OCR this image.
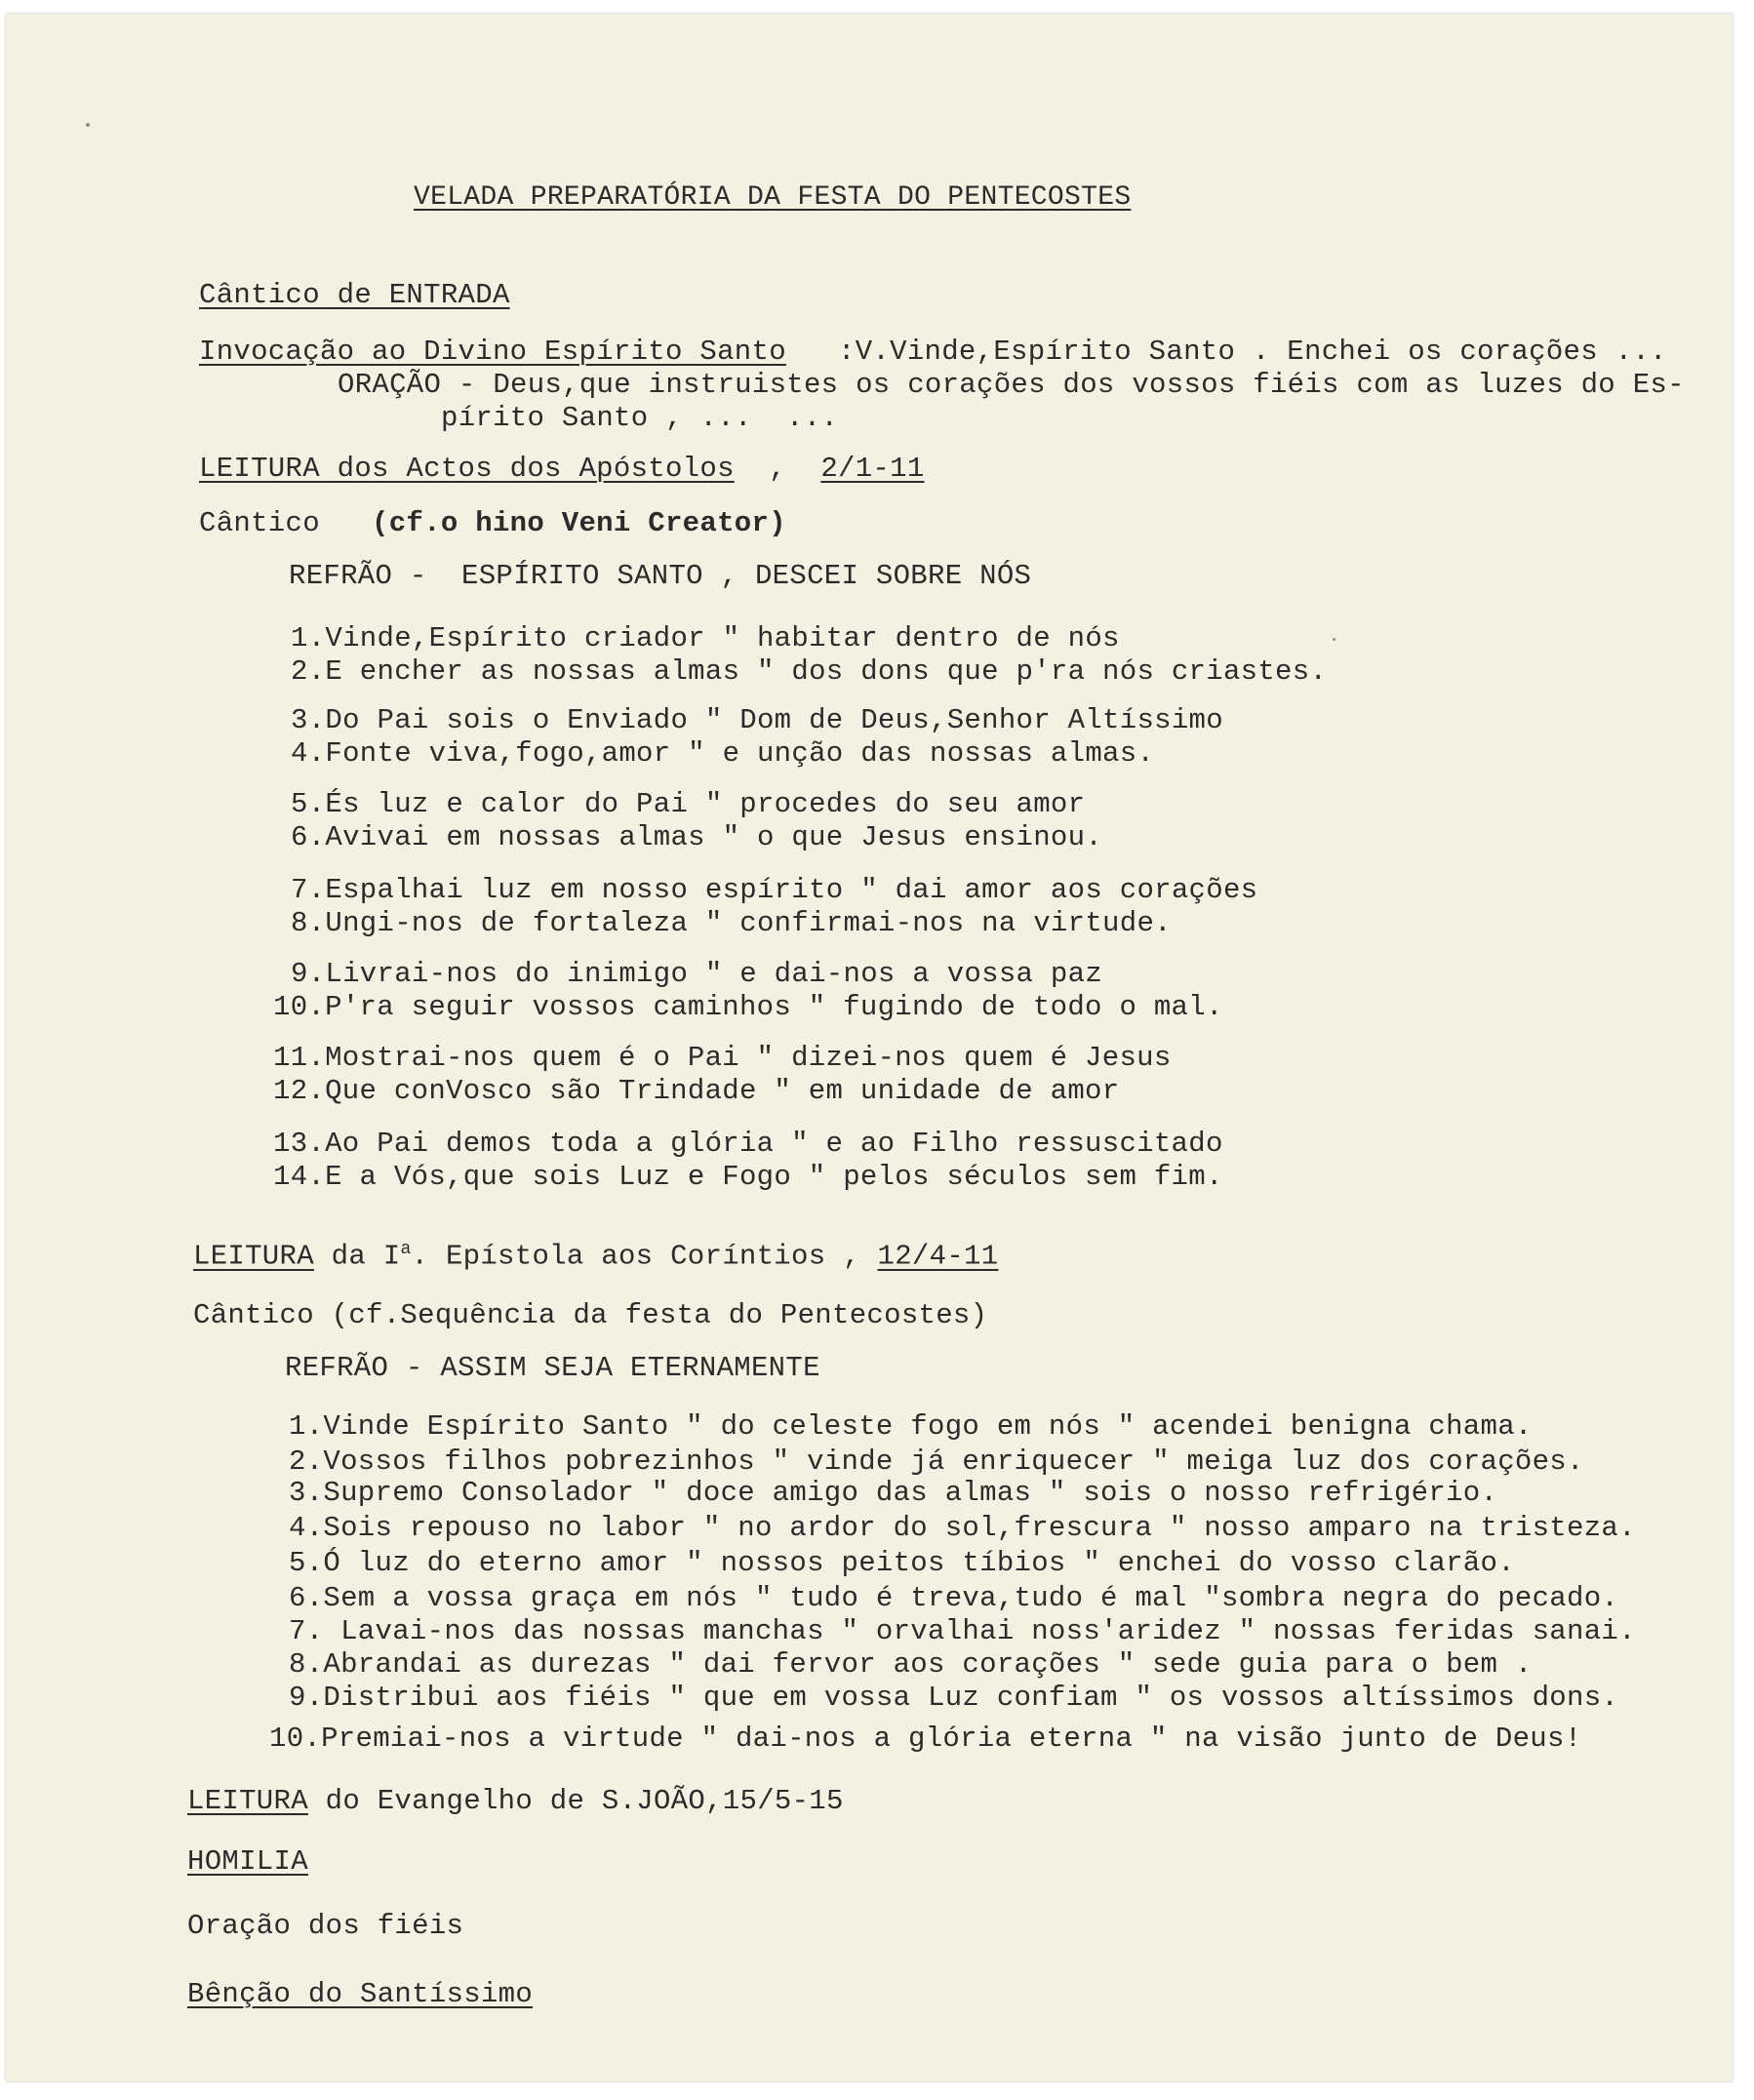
VELADA PREPARATÓRIA DA FESTA DO PENTECOSTES
Cântico de ENTRADA
Invocação ao Divino Espírito Santo :V.Vinde,Espírito Santo . Enchei os corações ...
ORAÇÃO - Deus,que instruistes os corações dos vossos fiéis com as luzes do Es-
pírito Santo , ...  ...
LEITURA dos Actos dos Apóstolos  ,  2/1-11
Cântico (cf.o hino Veni Creator)
REFRÃO -  ESPÍRITO SANTO , DESCEI SOBRE NÓS
1.Vinde,Espírito criador " habitar dentro de nós
2.E encher as nossas almas " dos dons que p'ra nós criastes.
3.Do Pai sois o Enviado " Dom de Deus,Senhor Altíssimo
4.Fonte viva,fogo,amor " e unção das nossas almas.
5.És luz e calor do Pai " procedes do seu amor
6.Avivai em nossas almas " o que Jesus ensinou.
7.Espalhai luz em nosso espírito " dai amor aos corações
8.Ungi-nos de fortaleza " confirmai-nos na virtude.
9.Livrai-nos do inimigo " e dai-nos a vossa paz
10.P'ra seguir vossos caminhos " fugindo de todo o mal.
11.Mostrai-nos quem é o Pai " dizei-nos quem é Jesus
12.Que conVosco são Trindade " em unidade de amor
13.Ao Pai demos toda a glória " e ao Filho ressuscitado
14.E a Vós,que sois Luz e Fogo " pelos séculos sem fim.
LEITURA da $I^a$. Epístola aos Coríntios , 12/4-11
Cântico (cf.Sequência da festa do Pentecostes)
REFRÃO - ASSIM SEJA ETERNAMENTE
1.Vinde Espírito Santo " do celeste fogo em nós " acendei benigna chama.
2.Vossos filhos pobrezinhos " vinde já enriquecer " meiga luz dos corações.
3.Supremo Consolador " doce amigo das almas " sois o nosso refrigério.
4.Sois repouso no labor " no ardor do sol,frescura " nosso amparo na tristeza.
5.Ó luz do eterno amor " nossos peitos tíbios " enchei do vosso clarão.
6.Sem a vossa graça em nós " tudo é treva,tudo é mal "sombra negra do pecado.
7. Lavai-nos das nossas manchas " orvalhai noss'aridez " nossas feridas sanai.
8.Abrandai as durezas " dai fervor aos corações " sede guia para o bem .
9.Distribui aos fiéis " que em vossa Luz confiam " os vossos altíssimos dons.
10.Premiai-nos a virtude " dai-nos a glória eterna " na visão junto de Deus!
LEITURA do Evangelho de S.JOÃO,15/5-15
HOMILIA
Oração dos fiéis
Bênção do Santíssimo
